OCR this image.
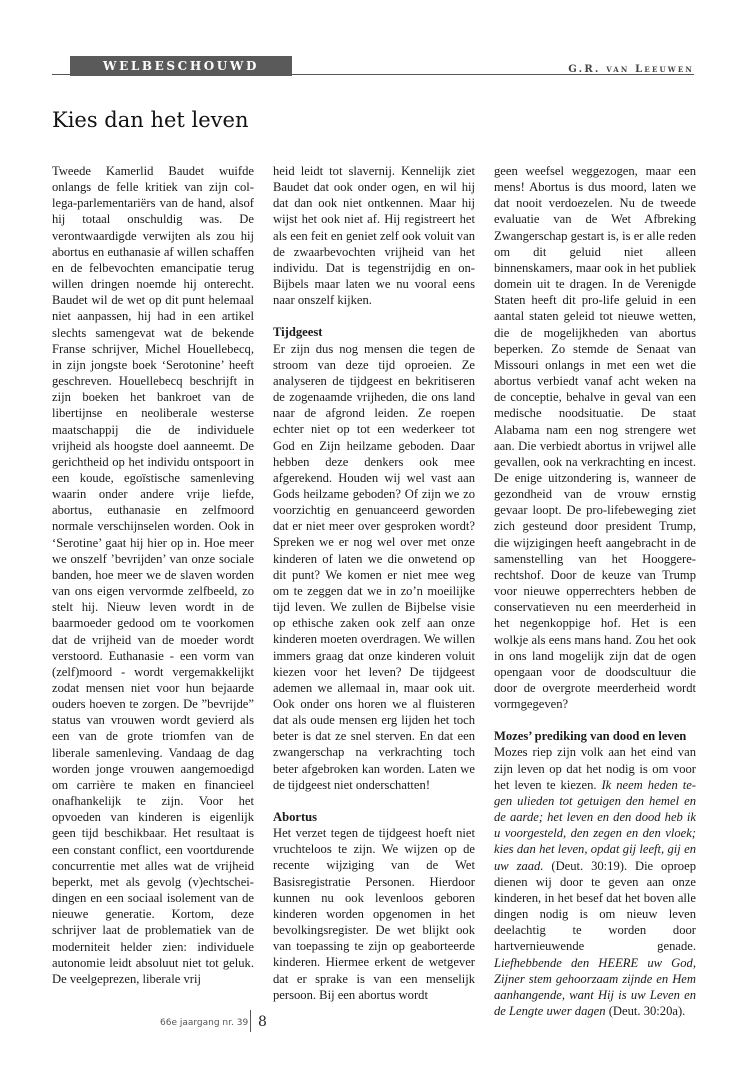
WELBESCHOUWD	G.R. van Leeuwen
Kies dan het leven

Tweede Kamerlid Baudet wuifde onlangs de felle kritiek van zijn collega-parlementariërs van de hand, alsof hij totaal onschuldig was. De verontwaardigde verwijten als zou hij abortus en euthanasie af willen schaffen en de felbevochten emancipatie terug willen dringen noemde hij onterecht. Baudet wil de wet op dit punt helemaal niet aanpassen, hij had in een artikel slechts samengevat wat de bekende Franse schrijver, Michel Houellebecq, in zijn jongste boek ‘Serotonine’ heeft geschreven. Houellebecq beschrijft in zijn boeken het bankroet van de libertijnse en neoliberale westerse maatschappij die de individuele vrijheid als hoogste doel aanneemt. De gerichtheid op het individu ontspoort in een koude, egoïstische samenleving waarin onder andere vrije liefde, abortus, euthanasie en zelfmoord normale verschijnselen worden. Ook in ‘Serotine’ gaat hij hier op in. Hoe meer we onszelf ’bevrijden’ van onze sociale banden, hoe meer we de slaven worden van ons eigen vervormde zelfbeeld, zo stelt hij. Nieuw leven wordt in de baarmoeder gedood om te voorkomen dat de vrijheid van de moeder wordt verstoord. Euthanasie - een vorm van (zelf)moord - wordt vergemakkelijkt zodat mensen niet voor hun bejaarde ouders hoeven te zorgen. De ”bevrijde” status van vrouwen wordt gevierd als een van de grote triomfen van de liberale samenleving. Vandaag de dag worden jonge vrouwen aangemoedigd om carrière te maken en financieel onafhankelijk te zijn. Voor het opvoeden van kinderen is eigenlijk geen tijd beschikbaar. Het resultaat is een constant conflict, een voortdurende concurrentie met alles wat de vrijheid beperkt, met als gevolg (v)echtscheidingen en een sociaal isolement van de nieuwe generatie. Kortom, deze schrijver laat de problematiek van de moderniteit helder zien: individuele autonomie leidt absoluut niet tot geluk. De veelgeprezen, liberale vrij

heid leidt tot slavernij. Kennelijk ziet Baudet dat ook onder ogen, en wil hij dat dan ook niet ontkennen. Maar hij wijst het ook niet af. Hij registreert het als een feit en geniet zelf ook voluit van de zwaarbevochten vrijheid van het individu. Dat is tegenstrijdig en on-Bijbels maar laten we nu vooral eens naar onszelf kijken.

Tijdgeest

Er zijn dus nog mensen die tegen de stroom van deze tijd oproeien. Ze analyseren de tijdgeest en bekritiseren de zogenaamde vrijheden, die ons land naar de afgrond leiden. Ze roepen echter niet op tot een wederkeer tot God en Zijn heilzame geboden. Daar hebben deze denkers ook mee afgerekend. Houden wij wel vast aan Gods heilzame geboden? Of zijn we zo voorzichtig en genuanceerd geworden dat er niet meer over gesproken wordt? Spreken we er nog wel over met onze kinderen of laten we die onwetend op dit punt? We komen er niet mee weg om te zeggen dat we in zo’n moeilijke tijd leven. We zullen de Bijbelse visie op ethische zaken ook zelf aan onze kinderen moeten overdragen. We willen immers graag dat onze kinderen voluit kiezen voor het leven? De tijdgeest ademen we allemaal in, maar ook uit. Ook onder ons horen we al fluisteren dat als oude mensen erg lijden het toch beter is dat ze snel sterven. En dat een zwangerschap na verkrachting toch beter afgebroken kan worden. Laten we de tijdgeest niet onderschatten!

Abortus

Het verzet tegen de tijdgeest hoeft niet vruchteloos te zijn. We wijzen op de recente wijziging van de Wet Basisregistratie Personen. Hierdoor kunnen nu ook levenloos geboren kinderen worden opgenomen in het bevolkingsregister. De wet blijkt ook van toepassing te zijn op geaborteerde kinderen. Hiermee erkent de wetgever dat er sprake is van een menselijk persoon. Bij een abortus wordt

geen weefsel weggezogen, maar een mens! Abortus is dus moord, laten we dat nooit verdoezelen. Nu de tweede evaluatie van de Wet Afbreking Zwangerschap gestart is, is er alle reden om dit geluid niet alleen binnenskamers, maar ook in het publiek domein uit te dragen. In de Verenigde Staten heeft dit pro-life geluid in een aantal staten geleid tot nieuwe wetten, die de mogelijkheden van abortus beperken. Zo stemde de Senaat van Missouri onlangs in met een wet die abortus verbiedt vanaf acht weken na de conceptie, behalve in geval van een medische noodsituatie. De staat Alabama nam een nog strengere wet aan. Die verbiedt abortus in vrijwel alle gevallen, ook na verkrachting en incest. De enige uitzondering is, wanneer de gezondheid van de vrouw ernstig gevaar loopt. De pro-lifebeweging ziet zich gesteund door president Trump, die wijzigingen heeft aangebracht in de samenstelling van het Hooggererechtshof. Door de keuze van Trump voor nieuwe opperrechters hebben de conservatieven nu een meerderheid in het negenkoppige hof. Het is een wolkje als eens mans hand. Zou het ook in ons land mogelijk zijn dat de ogen opengaan voor de doodscultuur die door de overgrote meerderheid wordt vormgegeven?

Mozes’ prediking van dood en leven

Mozes riep zijn volk aan het eind van zijn leven op dat het nodig is om voor het leven te kiezen. Ik neem heden tegen ulieden tot getuigen den hemel en de aarde; het leven en den dood heb ik u voorgesteld, den zegen en den vloek; kies dan het leven, opdat gij leeft, gij en uw zaad. (Deut. 30:19). Die oproep dienen wij door te geven aan onze kinderen, in het besef dat het boven alle dingen nodig is om nieuw leven deelachtig te worden door hartvernieuwende genade. Liefhebbende den HEERE uw God, Zijner stem gehoorzaam zijnde en Hem aanhangende, want Hij is uw Leven en de Lengte uwer dagen (Deut. 30:20a).

66e jaargang nr. 39 8
